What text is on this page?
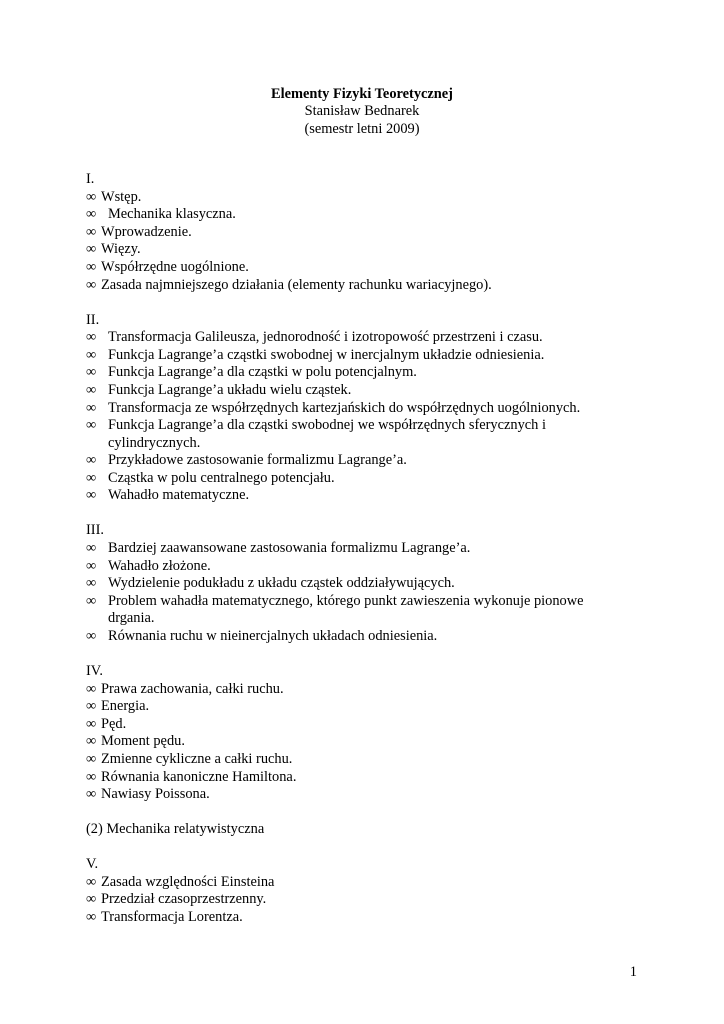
Elementy Fizyki Teoretycznej
Stanisław Bednarek
(semestr letni 2009)
I.
∞ Wstęp.
∞ Mechanika klasyczna.
∞ Wprowadzenie.
∞ Więzy.
∞ Współrzędne uogólnione.
∞ Zasada najmniejszego działania (elementy rachunku wariacyjnego).
II.
∞ Transformacja Galileusza, jednorodność i izotropowość przestrzeni i czasu.
∞ Funkcja Lagrange’a cząstki swobodnej w inercjalnym układzie odniesienia.
∞ Funkcja Lagrange’a dla cząstki w polu potencjalnym.
∞ Funkcja Lagrange’a układu wielu cząstek.
∞ Transformacja ze współrzędnych kartezjańskich do współrzędnych uogólnionych.
∞ Funkcja Lagrange’a dla cząstki swobodnej we współrzędnych sferycznych i cylindrycznych.
∞ Przykładowe zastosowanie formalizmu Lagrange’a.
∞ Cząstka w polu centralnego potencjału.
∞ Wahadło matematyczne.
III.
∞ Bardziej zaawansowane zastosowania formalizmu Lagrange’a.
∞ Wahadło złożone.
∞ Wydzielenie podukładu z układu cząstek oddziaływujących.
∞ Problem wahadła matematycznego, którego punkt zawieszenia wykonuje pionowe drgania.
∞ Równania ruchu w nieinercjalnych układach odniesienia.
IV.
∞ Prawa zachowania, całki ruchu.
∞ Energia.
∞ Pęd.
∞ Moment pędu.
∞ Zmienne cykliczne a całki ruchu.
∞ Równania kanoniczne Hamiltona.
∞ Nawiasy Poissona.
(2) Mechanika relatywistyczna
V.
∞ Zasada względności Einsteina
∞ Przedział czasoprzestrzenny.
∞ Transformacja Lorentza.
1
